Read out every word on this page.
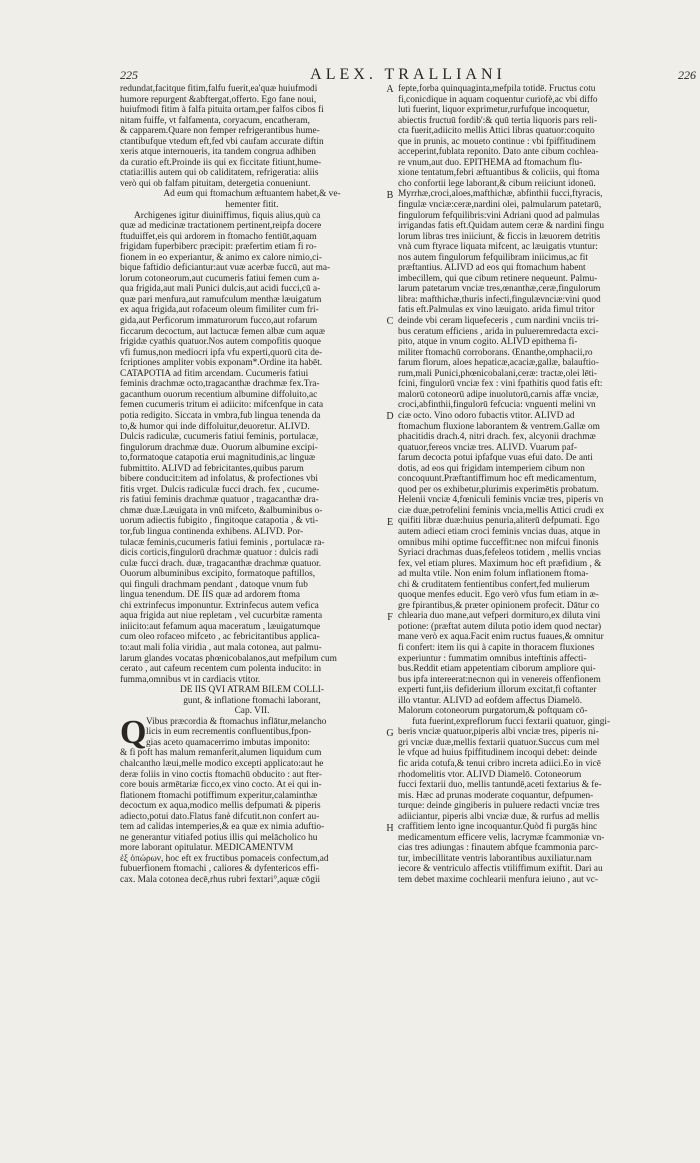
225	ALEX. TRALLIANI	226
redundat,facitque fitim,falfu fuerit,ea'quæ huiufmodi
humore repurgent &abftergat,offerto. Ego fane noui,
huiufmodi fitim à falfa pituita ortam,per falfos cibos fi
nitam fuiffe, vt falfamenta, coryacum, encatheram,
& capparem.Quare non femper refrigerantibus hume-
ctantibufque vtedum eft,fed vbi caufam accurate diftin
xeris atque internoueris, ita tandem congrua adhiben
da curatio eft.Proinde iis qui ex ficcitate fitiunt,hume-
ctatia:illis autem qui ob caliditatem, refrigeratia: aliis
verò qui ob falfam pituitam, detergetia conueniunt.
Ad eum qui ftomachum æftuantem habet,& ve-
hementer fitit.
Archigenes igitur diuiniffimus, fiquis alius,quù ca
quæ ad medicinæ tractationem pertinent,reipfa docere
ftuduiffet,eis qui ardorem in ftomacho fentiūt,aquam
frigidam fuperbiberc præcipit: præfertim etiam fi ro-
fionem in eo experiantur, & animo ex calore nimio,ci-
bique faftidio deficiantur:aut vuæ acerbæ fuccū, aut ma-
lorum cotoneorum,aut cucumeris fatiui femen cum a-
qua frigida,aut mali Punici dulcis,aut acidi fucci,cū a-
quæ pari menfura,aut ramufculum menthæ læuigatum
ex aqua frigida,aut rofaceum oleum fimiliter cum fri-
gida,aut Perficorum immaturorum fucco,aut rofarum
ficcarum decoctum, aut lactucæ femen albæ cum aquæ
frigidæ cyathis quatuor.Nos autem compofitis quoque
vfi fumus,non mediocri ipfa vfu experti,quorū cita de-
fcriptiones ampliter vobis exponam*.Ordine ita habēt.
CATAPOTIA ad fitim arcendam. Cucumeris fatiui
feminis drachmæ octo,tragacanthæ drachmæ fex.Tra-
gacanthum ouorum recentium albumine diffoluito,ac
femen cucumeris tritum ei adiicito: mifcenfque in cata
potia redigito. Siccata in vmbra,fub lingua tenenda da
to,& humor qui inde diffoluitur,deuoretur. ALIVD.
Dulcis radiculæ, cucumeris fatiui feminis, portulacæ,
fingulorum drachmæ duæ. Ouorum albumine excipi-
to,formatoque catapotia erui magnitudinis,ac linguæ
fubmittito. ALIVD ad febricitantes,quibus parum
bibere conducit:item ad infolatus, & profectiones vbi
fitis vrget. Dulcis radiculæ fucci drach. fex , cucume-
ris fatiui feminis drachmæ quatuor , tragacanthæ dra-
chmæ duæ.Læuigata in vnū mifceto, &albuminibus o-
uorum adiectis fubigito , fingitoque catapotia , & vti-
tor,fub lingua continenda exhibens. ALIVD. Por-
tulacæ feminis,cucumeris fatiui feminis , portulacæ ra-
dicis corticis,fingulorū drachmæ quatuor : dulcis radi
culæ fucci drach. duæ, tragacanthæ drachmæ quatuor.
Ouorum albuminibus excipito, formatoque paftillos,
qui finguli drachmam pendant , datoque vnum fub
lingua tenendum. DE IIS quæ ad ardorem ftoma
chi extrinfecus imponuntur. Extrinfecus autem vefica
aqua frigida aut niue repletam , vel cucurbitæ ramenta
iniicito:aut fefamum aqua maceratum , læuigatumque
cum oleo rofaceo mifceto , ac febricitantibus applica-
to:aut mali folia viridia , aut mala cotonea, aut palmu-
larum glandes vocatas phœnicobalanos,aut mefpilum cum
cerato , aut cafeum recentem cum polenta inducito: in
fumma,omnibus vt in cardiacis vtitor.
DE IIS QVI ATRAM BILEM COLLI-
gunt, & inflatione ftomachi laborant,
Cap. VII.
Vibus præcordia & ftomachus inflātur,melancho
licis in eum recrementis confluentibus,fpon-
gias aceto quamacerrimo imbutas imponito:
& fi poft has malum remanferit,alumen liquidum cum
chalcantho læui,melle modico excepti applicato:aut he
deræ foliis in vino coctis ftomachū obducito : aut fter-
core bouis armētariæ ficco,ex vino cocto. At ei qui in-
flationem ftomachi potiffimum experitur,calaminthæ
decoctum ex aqua,modico mellis defpumati & piperis
adiecto,potui dato.Flatus fanè difcutit.non confert au-
tem ad calidas intemperies,& ea quæ ex nimia aduftio-
ne generantur vitiafed potius illis qui melācholico hu
more laborant opitulatur. MEDICAMENTVM
ἐξ ὀπώρων, hoc eft ex fructibus pomaceis confectum,ad
fubuerfionem ftomachi , caliores & dyfentericos effi-
cax. Mala cotonea decē,rhus rubri fextari°,aquæ cōgii
Q
fepte,forba quinquaginta,mefpila totidē. Fructus cotu
fi,conicdique in aquam coquentur curiofè,ac vbi diffo
luti fuerint, liquor exprimetur,rurfufque incoquetur,
abiectis fructuū fordib':& quū tertia liquoris pars reli-
cta fuerit,adiicito mellis Attici libras quatuor:coquito
que in prunis, ac moueto continue : vbi fpiffitudinem
acceperint,fublata reponito. Dato ante cibum cochlea-
re vnum,aut duo. EPITHEMA ad ftomachum flu-
xione tentatum,febri æftuantibus & coliciis, qui ftoma
cho confortii lege laborant,& cibum reiiciunt idoneū.
Myrrhæ,croci,aloes,mafthichæ, abfinthii fucci,ftyracis,
fingulæ vnciæ:ceræ,nardini olei, palmularum patetarū,
fingulorum fefquilibris:vini Adriani quod ad palmulas
irrigandas fatis eft.Quidam autem ceræ & nardini fingu
lorum libras tres iniiciunt, & ficcis in læuorem detritis
vnà cum ftyrace liquata mifcent, ac læuigatis vtuntur:
nos autem fingulorum fefquilibram iniicimus,ac fit
præftantius. ALIVD ad eos qui ftomachum habent
imbecillem, qui que cibum retinere nequeunt. Palmu-
larum patetarum vnciæ tres,œnanthæ,ceræ,fingulorum
libra: mafthichæ,thuris infecti,fingulævnciæ:vini quod
fatis eft.Palmulas ex vino læuigato. arida fimul tritor
deinde vbi ceram liquefeceris , cum nardini vnciis tri-
bus ceratum efficiens , arida in pulueremredacta exci-
pito, atque in vnum cogito. ALIVD epithema fi-
militer ftomachū corroborans. Œnanthe,omphacii,ro
farum florum, aloes hepaticæ,acaciæ,gallæ, balauftio-
rum,mali Punici,phœnicobalani,ceræ: tractæ,olei lēti-
fcini, fingulorū vnciæ fex : vini fpathitis quod fatis eft:
malorū cotoneorū adipe inuolutorū,carnis affæ vnciæ,
croci,abfinthii,fingulorū fefcucia: vnguenti melini vn
ciæ octo. Vino odoro fubactis vtitor. ALIVD ad
ftomachum fluxione laborantem & ventrem.Gallæ om
phacitidis drach.4, nitri drach. fex, alcyonii drachmæ
quatuor,fereos vnciæ tres. ALIVD. Vuarum paf-
farum decocta potui ipfafque vuas efui dato. De anti
dotis, ad eos qui frigidam intemperiem cibum non
concoquunt.Præftantiffimum hoc eft medicamentum,
quod per os exhibetur,plurimis experimētis probatum.
Helenii vnciæ 4,fœniculi feminis vnciæ tres, piperis vn
ciæ duæ,petrofelini feminis vncia,mellis Attici crudi ex
quifiti libræ duæ:huius penuria,aliterū defpumati. Ego
autem adieci etiam croci feminis vncias duas, atque in
omnibus mihi optime fucceffit:nec non mifcui finonis
Syriaci drachmas duas,fefeleos totidem , mellis vncias
fex, vel etiam plures. Maximum hoc eft præfidium , &
ad multa vtile. Non enim folum inflationem ftoma-
chi & cruditatem fentientibus confert,fed mulierum
quoque menfes educit. Ego verò vfus fum etiam in æ-
gre fpirantibus,& præter opinionem profecit. Dātur co
chlearia duo mane,aut vefperi dormituro,ex diluta vini
potione: (præftat autem diluta potio idem quod nectar)
mane verò ex aqua.Facit enim ructus fuaues,& omnitur
fi confert: item iis qui à capite in thoracem fluxiones
experiuntur : fummatim omnibus inteftinis affecti-
bus.Reddit etiam appetentiam ciborum ampliore qui-
bus ipfa intereerat:necnon qui in venereis offenfionem
experti funt,iis defiderium illorum excitat,fi coftanter
illo vtantur. ALIVD ad eofdem affectus Diamelō.
Malorum cotoneorum purgatorum,& poftquam cō-
futa fuerint,expreflorum fucci fextarii quatuor, gingi-
beris vnciæ quatuor,piperis albi vnciæ tres, piperis ni-
gri vnciæ duæ,mellis fextarii quatuor.Succus cum mel
le vfque ad huius fpiffitudinem incoqui debet: deinde
fic arida cotufa,& tenui cribro increta adiici.Eo in vicē
rhodomelitis vtor. ALIVD Diamelō. Cotoneorum
fucci fextarii duo, mellis tantundē,aceti fextarius & fe-
mis. Hæc ad prunas moderate coquantur, defpumen-
turque: deinde gingiberis in puluere redacti vnciæ tres
adiiciantur, piperis albi vnciæ duæ, & rurfus ad mellis
craffitiem lento igne incoquantur.Quòd fi purgās hinc
medicamentum efficere velis, lacrymæ fcammoniæ vn-
cias tres adiungas : finautem abfque fcammonia parc-
tur, imbecillitate ventris laborantibus auxiliatur.nam
iecore & ventriculo affectis vtiliffimum exiftit. Dari au
tem debet maxime cochlearii menfura ieiuno , aut vc-
A
B
C
D
E
F
G
H
